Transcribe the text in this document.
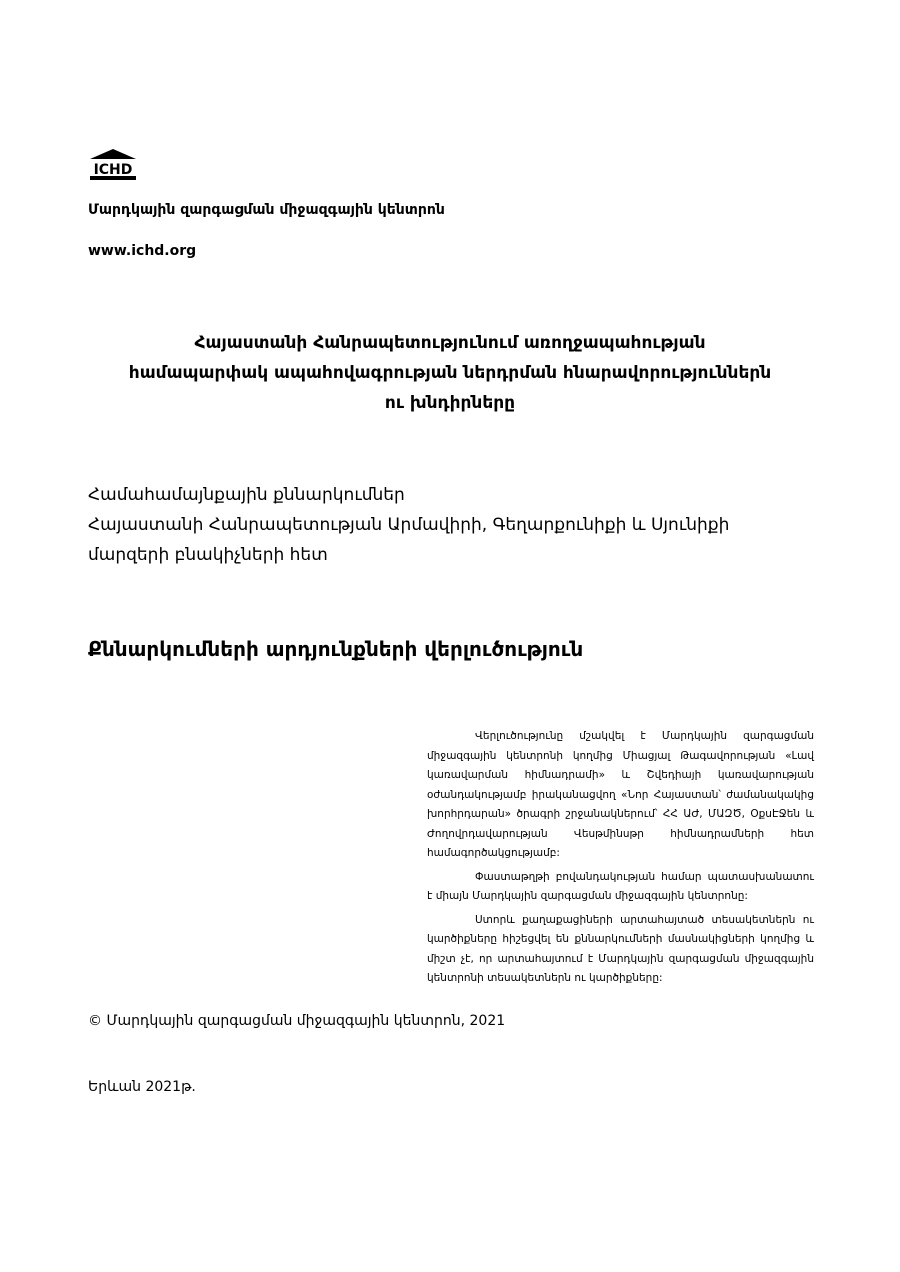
ICHD
Մարդկային զարգացման միջազգային կենտրոն
www.ichd.org
Հայաստանի Հանրապետությունում առողջապահության
համապարփակ ապահովագրության ներդրման հնարավորություններն
ու խնդիրները
Համահամայնքային քննարկումներ
Հայաստանի Հանրապետության Արմավիրի, Գեղարքունիքի և Սյունիքի
մարզերի բնակիչների հետ
Քննարկումների արդյունքների վերլուծություն

Վերլուծությունը մշակվել է Մարդկային զարգացման միջազգային կենտրոնի կողմից Միացյալ Թագավորության «Լավ կառավարման հիմնադրամի» և Շվեդիայի կառավարության օժանդակությամբ իրականացվող «Նոր Հայաստան՝ ժամանակակից խորհրդարան» ծրագրի շրջանակներում՝ ՀՀ ԱԺ, ՄԱԶԾ, ՕքսԷՋեն և Ժողովրդավարության Վեսթմինսթր հիմնադրամների հետ համագործակցությամբ:

Փաստաթղթի բովանդակության համար պատասխանատու է միայն Մարդկային զարգացման միջազգային կենտրոնը:

Ստորև քաղաքացիների արտահայտած տեսակետներն ու կարծիքները հիշեցվել են քննարկումների մասնակիցների կողմից և միշտ չէ, որ արտահայտում է Մարդկային զարգացման միջազգային կենտրոնի տեսակետներն ու կարծիքները:

© Մարդկային զարգացման միջազգային կենտրոն, 2021
Երևան 2021թ.
